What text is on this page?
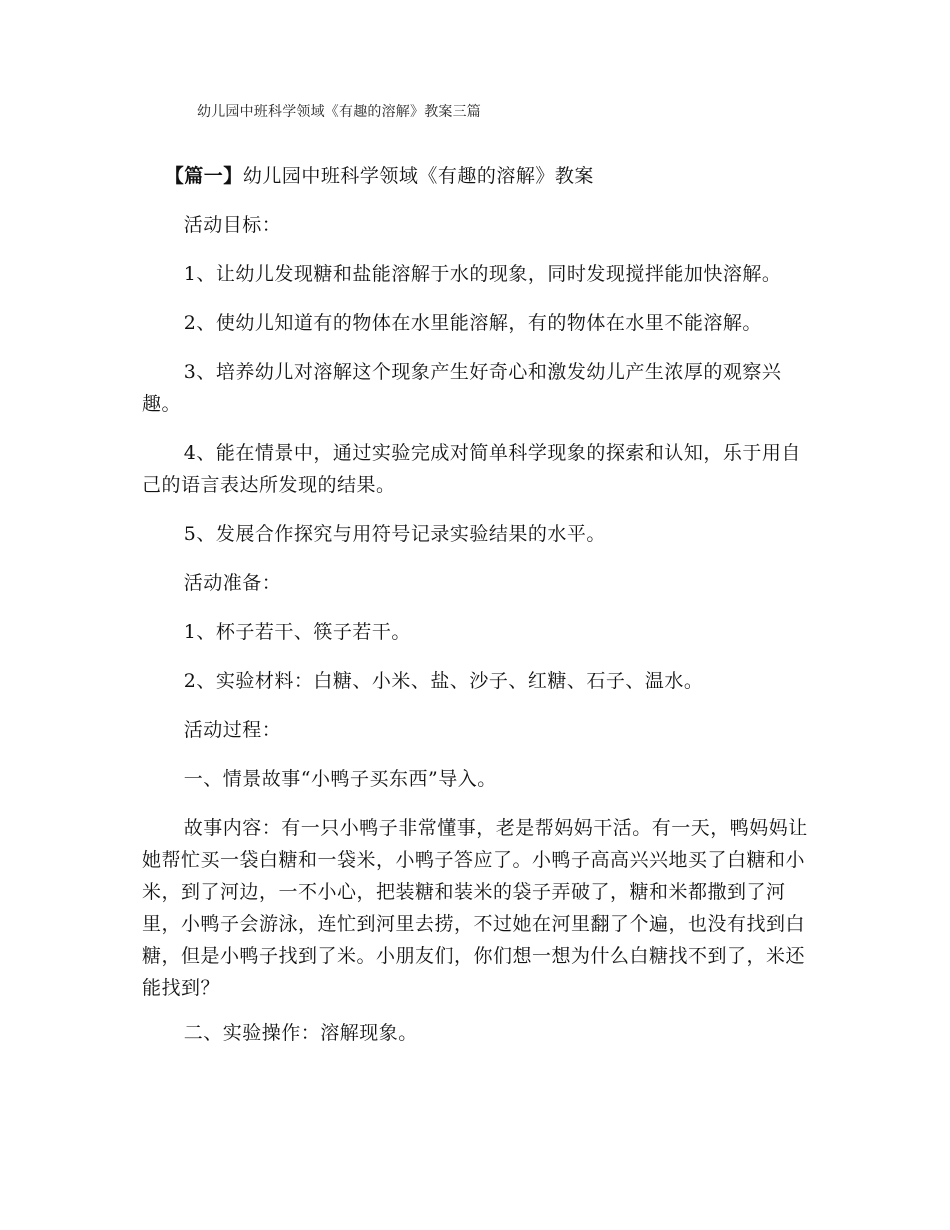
幼儿园中班科学领域《有趣的溶解》教案三篇

【篇一】幼儿园中班科学领域《有趣的溶解》教案

活动目标：

1、让幼儿发现糖和盐能溶解于水的现象，同时发现搅拌能加快溶解。

2、使幼儿知道有的物体在水里能溶解，有的物体在水里不能溶解。

3、培养幼儿对溶解这个现象产生好奇心和激发幼儿产生浓厚的观察兴趣。

4、能在情景中，通过实验完成对简单科学现象的探索和认知，乐于用自己的语言表达所发现的结果。

5、发展合作探究与用符号记录实验结果的水平。

活动准备：

1、杯子若干、筷子若干。

2、实验材料：白糖、小米、盐、沙子、红糖、石子、温水。

活动过程：

一、情景故事“小鸭子买东西”导入。

故事内容：有一只小鸭子非常懂事，老是帮妈妈干活。有一天，鸭妈妈让她帮忙买一袋白糖和一袋米，小鸭子答应了。小鸭子高高兴兴地买了白糖和小米，到了河边，一不小心，把装糖和装米的袋子弄破了，糖和米都撒到了河里，小鸭子会游泳，连忙到河里去捞，不过她在河里翻了个遍，也没有找到白糖，但是小鸭子找到了米。小朋友们，你们想一想为什么白糖找不到了，米还能找到？

二、实验操作：溶解现象。
